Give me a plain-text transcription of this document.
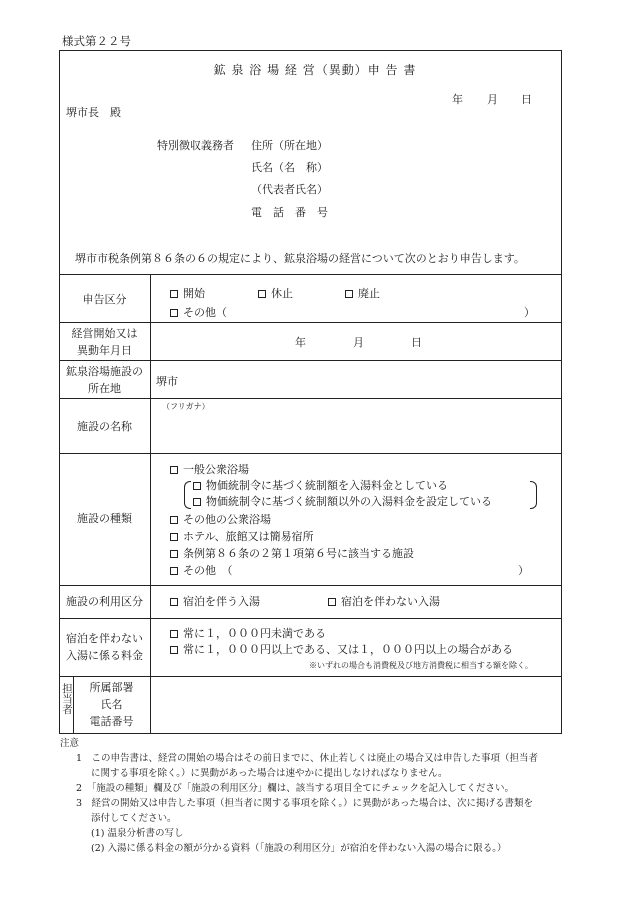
様式第２２号
鉱 泉 浴 場 経 営（異動）申 告 書
年 月 日
堺市長　殿
特別徴収義務者 住所（所在地）
氏名（名　称）
（代表者氏名）
電　話　番　号
堺市市税条例第８６条の６の規定により、鉱泉浴場の経営について次のとおり申告します。
申告区分	開始	休止	廃止
その他（	）
経営開始又は
異動年月日
年	月	日
鉱泉浴場施設の
所在地
堺市
施設の名称
（フリガナ）
施設の種類
一般公衆浴場
物価統制令に基づく統制額を入湯料金としている
物価統制令に基づく統制額以外の入湯料金を設定している
その他の公衆浴場
ホテル、旅館又は簡易宿所
条例第８６条の２第１項第６号に該当する施設
その他　（	）
施設の利用区分	宿泊を伴う入湯	宿泊を伴わない入湯
宿泊を伴わない
入湯に係る料金
常に１，０００円未満である
常に１，０００円以上である、又は１，０００円以上の場合がある
※いずれの場合も消費税及び地方消費税に相当する額を除く。
担当者	所属部署
氏名
電話番号
注意
1　この申告書は、経営の開始の場合はその前日までに、休止若しくは廃止の場合又は申告した事項（担当者
に関する事項を除く。）に異動があった場合は速やかに提出しなければなりません。
2　「施設の種類」欄及び「施設の利用区分」欄は、該当する項目全てにチェックを記入してください。
3　経営の開始又は申告した事項（担当者に関する事項を除く。）に異動があった場合は、次に掲げる書類を
添付してください。
(1) 温泉分析書の写し
(2) 入湯に係る料金の額が分かる資料（「施設の利用区分」が宿泊を伴わない入湯の場合に限る。）
